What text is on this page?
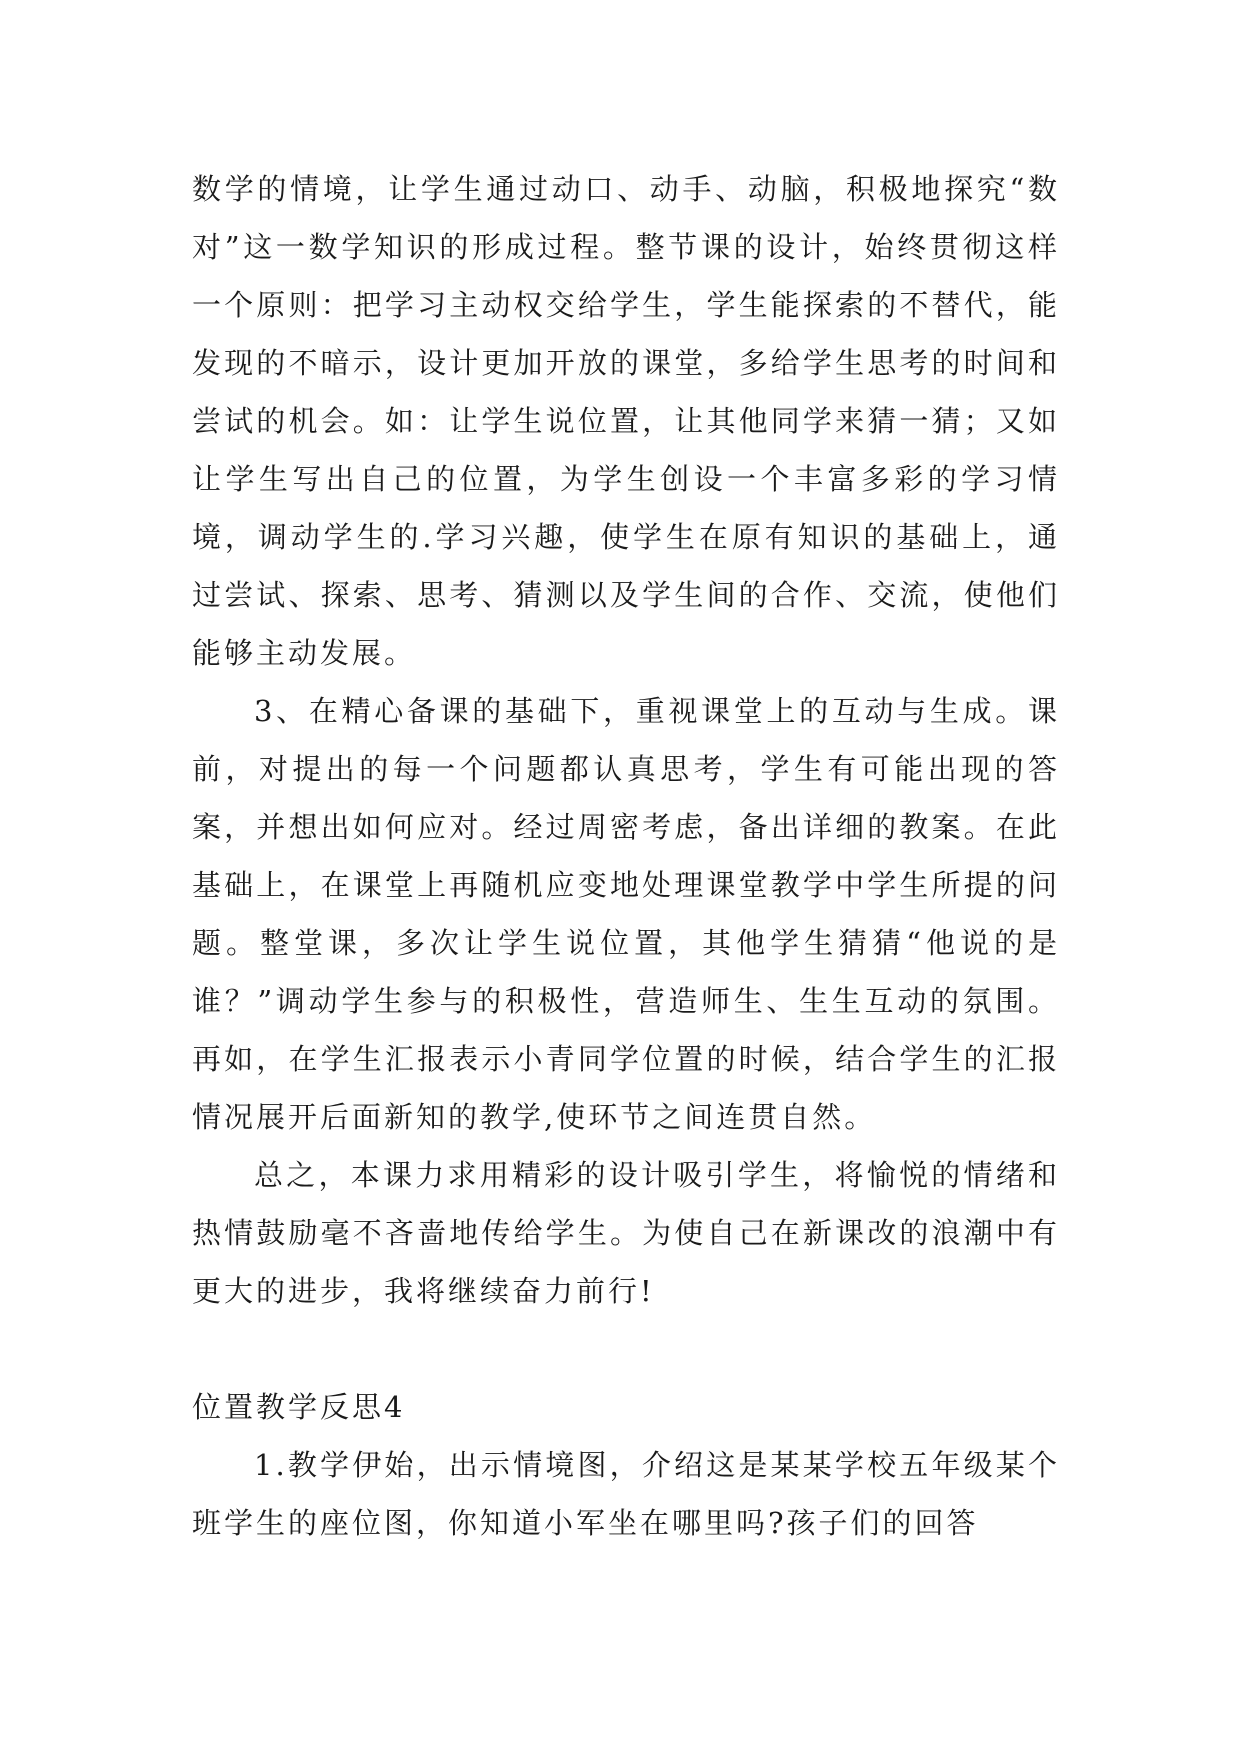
数学的情境，让学生通过动口、动手、动脑，积极地探究“数对”这一数学知识的形成过程。整节课的设计，始终贯彻这样一个原则：把学习主动权交给学生，学生能探索的不替代，能发现的不暗示，设计更加开放的课堂，多给学生思考的时间和尝试的机会。如：让学生说位置，让其他同学来猜一猜；又如让学生写出自己的位置，为学生创设一个丰富多彩的学习情境，调动学生的.学习兴趣，使学生在原有知识的基础上，通过尝试、探索、思考、猜测以及学生间的合作、交流，使他们能够主动发展。

3、在精心备课的基础下，重视课堂上的互动与生成。课前，对提出的每一个问题都认真思考，学生有可能出现的答案，并想出如何应对。经过周密考虑，备出详细的教案。在此基础上，在课堂上再随机应变地处理课堂教学中学生所提的问题。整堂课，多次让学生说位置，其他学生猜猜“他说的是谁？”调动学生参与的积极性，营造师生、生生互动的氛围。再如，在学生汇报表示小青同学位置的时候，结合学生的汇报情况展开后面新知的教学,使环节之间连贯自然。

总之，本课力求用精彩的设计吸引学生，将愉悦的情绪和热情鼓励毫不吝啬地传给学生。为使自己在新课改的浪潮中有更大的进步，我将继续奋力前行!

位置教学反思4

1.教学伊始，出示情境图，介绍这是某某学校五年级某个班学生的座位图，你知道小军坐在哪里吗?孩子们的回答
